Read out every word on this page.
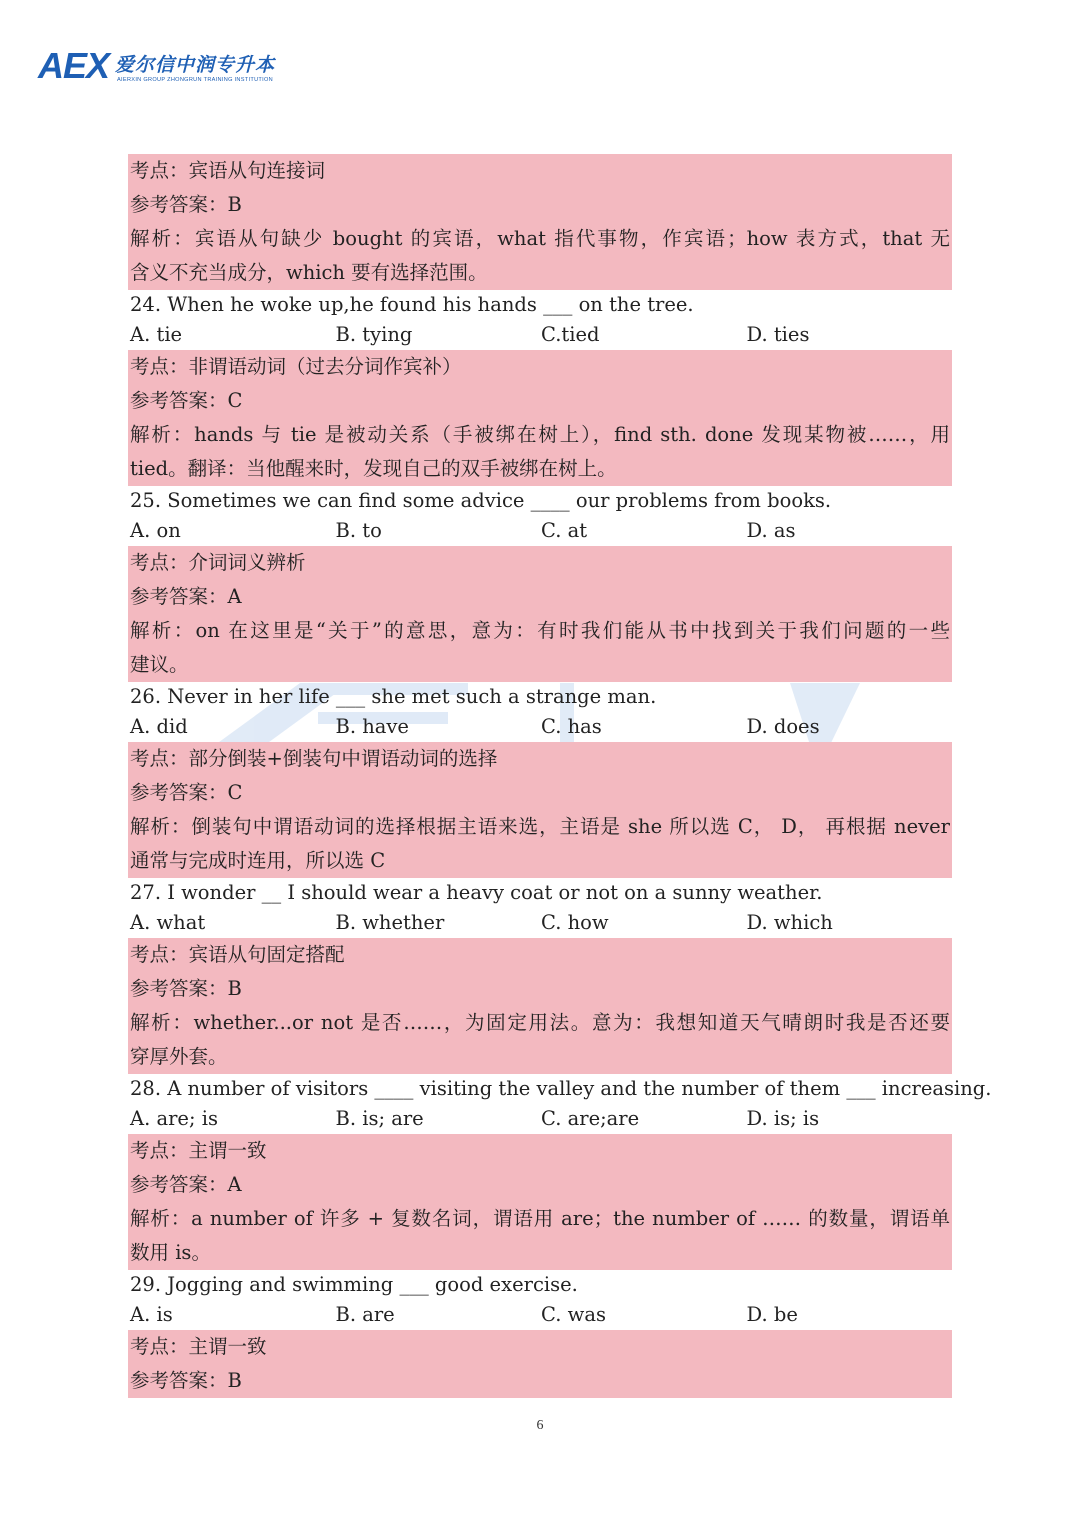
AEX 爱尔信中润专升本
AIERXIN GROUP ZHONGRUN TRAINING INSTITUTION
考点：宾语从句连接词
参考答案：B
解析：宾语从句缺少 bought 的宾语，what 指代事物，作宾语；how 表方式，that 无
含义不充当成分，which 要有选择范围。
24. When he woke up,he found his hands ___ on the tree.
A. tie	B. tying	C.tied	D. ties
考点：非谓语动词（过去分词作宾补）
参考答案：C
解析：hands 与 tie 是被动关系（手被绑在树上），find sth. done 发现某物被……，用
tied。翻译：当他醒来时，发现自己的双手被绑在树上。
25. Sometimes we can find some advice ____ our problems from books.
A. on	B. to	C. at	D. as
考点：介词词义辨析
参考答案：A
解析：on 在这里是“关于”的意思，意为：有时我们能从书中找到关于我们问题的一些
建议。
26. Never in her life ___ she met such a strange man.
A. did	B. have	C. has	D. does
考点：部分倒装+倒装句中谓语动词的选择
参考答案：C
解析：倒装句中谓语动词的选择根据主语来选，主语是 she 所以选 C， D， 再根据 never
通常与完成时连用，所以选 C
27. I wonder __ I should wear a heavy coat or not on a sunny weather.
A. what	B. whether	C. how	D. which
考点：宾语从句固定搭配
参考答案：B
解析：whether...or not 是否……，为固定用法。意为：我想知道天气晴朗时我是否还要
穿厚外套。
28. A number of visitors ____ visiting the valley and the number of them ___ increasing.
A. are; is	B. is; are	C. are;are	D. is; is
考点：主谓一致
参考答案：A
解析：a number of 许多 + 复数名词，谓语用 are；the number of …… 的数量，谓语单
数用 is。
29. Jogging and swimming ___ good exercise.
A. is	B. are	C. was	D. be
考点：主谓一致
参考答案：B
6
